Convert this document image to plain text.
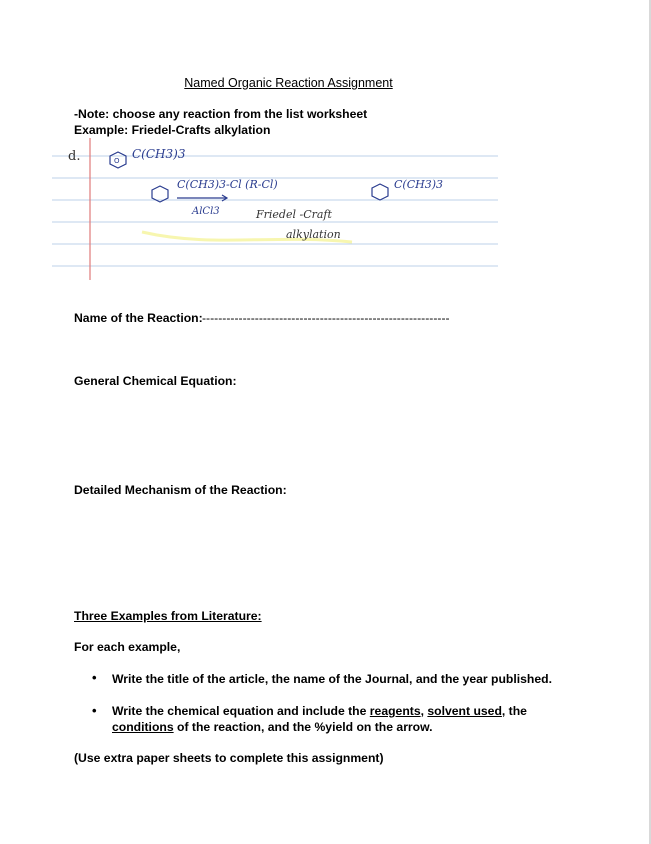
Named Organic Reaction Assignment
-Note: choose any reaction from the list worksheet
Example: Friedel-Crafts alkylation
d.	O C(CH3)3
C(CH3)3-Cl (R-Cl)
AlCl3	Friedel -Craft
alkylation
C(CH3)3
Name of the Reaction: -------------------------------------------------------------
General Chemical Equation:
Detailed Mechanism of the Reaction:
Three Examples from Literature:
For each example,
• Write the title of the article, the name of the Journal, and the year published.
• Write the chemical equation and include the reagents, solvent used, the conditions of the reaction, and the %yield on the arrow.
(Use extra paper sheets to complete this assignment)
